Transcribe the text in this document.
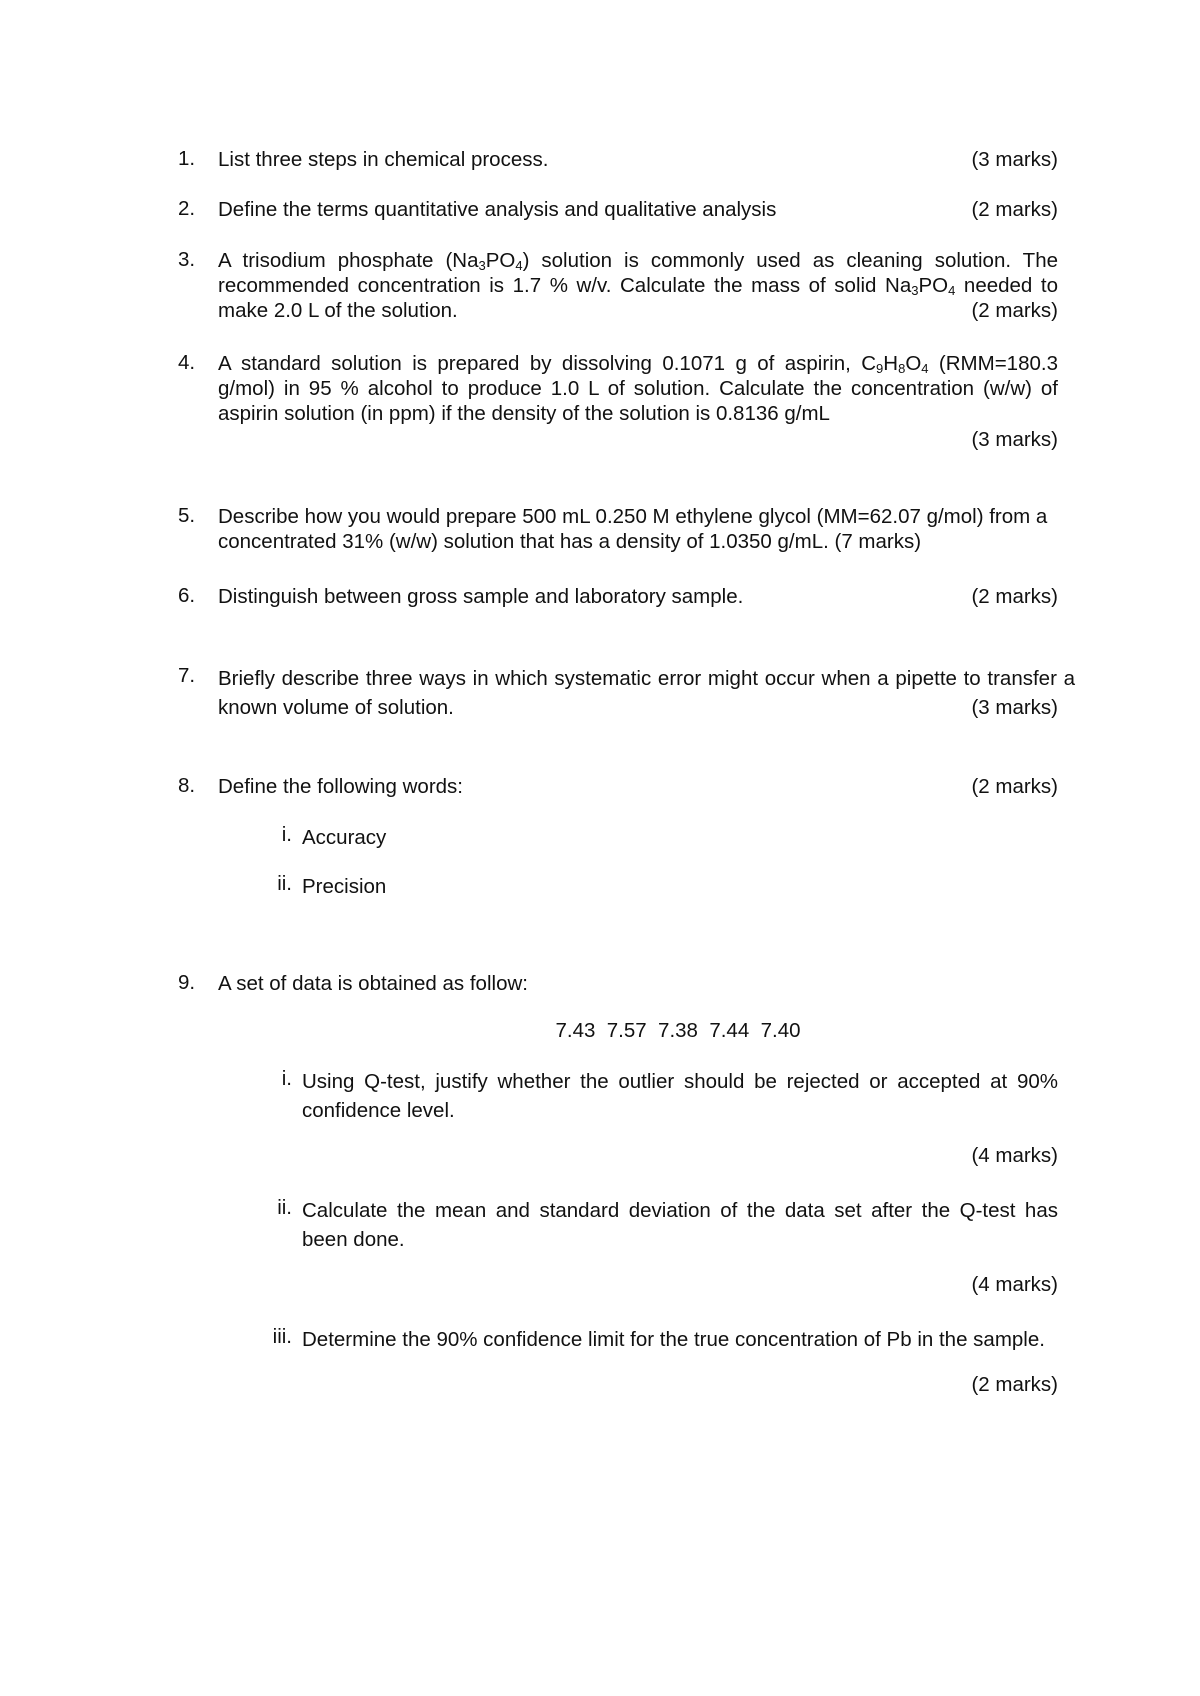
1.	List three steps in chemical process.	(3 marks)
2.	Define the terms quantitative analysis and qualitative analysis	(2 marks)
3.	A trisodium phosphate $(Na_3PO_4)$ solution is commonly used as cleaning solution. The recommended concentration is 1.7 % w/v. Calculate the mass of solid $Na_3PO_4$ needed to make 2.0 L of the solution.	(2 marks)
4.	A standard solution is prepared by dissolving 0.1071 g of aspirin, $C_9H_8O_4$ (RMM=180.3 g/mol) in 95 % alcohol to produce 1.0 L of solution. Calculate the concentration (w/w) of aspirin solution (in ppm) if the density of the solution is 0.8136 g/mL
(3 marks)
5.	Describe how you would prepare 500 mL 0.250 M ethylene glycol (MM=62.07 g/mol) from a concentrated 31% (w/w) solution that has a density of 1.0350 g/mL. (7 marks)
6.	Distinguish between gross sample and laboratory sample.	(2 marks)
7.	Briefly describe three ways in which systematic error might occur when a pipette to transfer a known volume of solution.	(3 marks)
8.	Define the following words:	(2 marks)
i. Accuracy
ii. Precision
9.	A set of data is obtained as follow:
7.43  7.57  7.38  7.44  7.40
i. Using Q-test, justify whether the outlier should be rejected or accepted at 90% confidence level.
(4 marks)
ii. Calculate the mean and standard deviation of the data set after the Q-test has been done.
(4 marks)
iii. Determine the 90% confidence limit for the true concentration of Pb in the sample.
(2 marks)
